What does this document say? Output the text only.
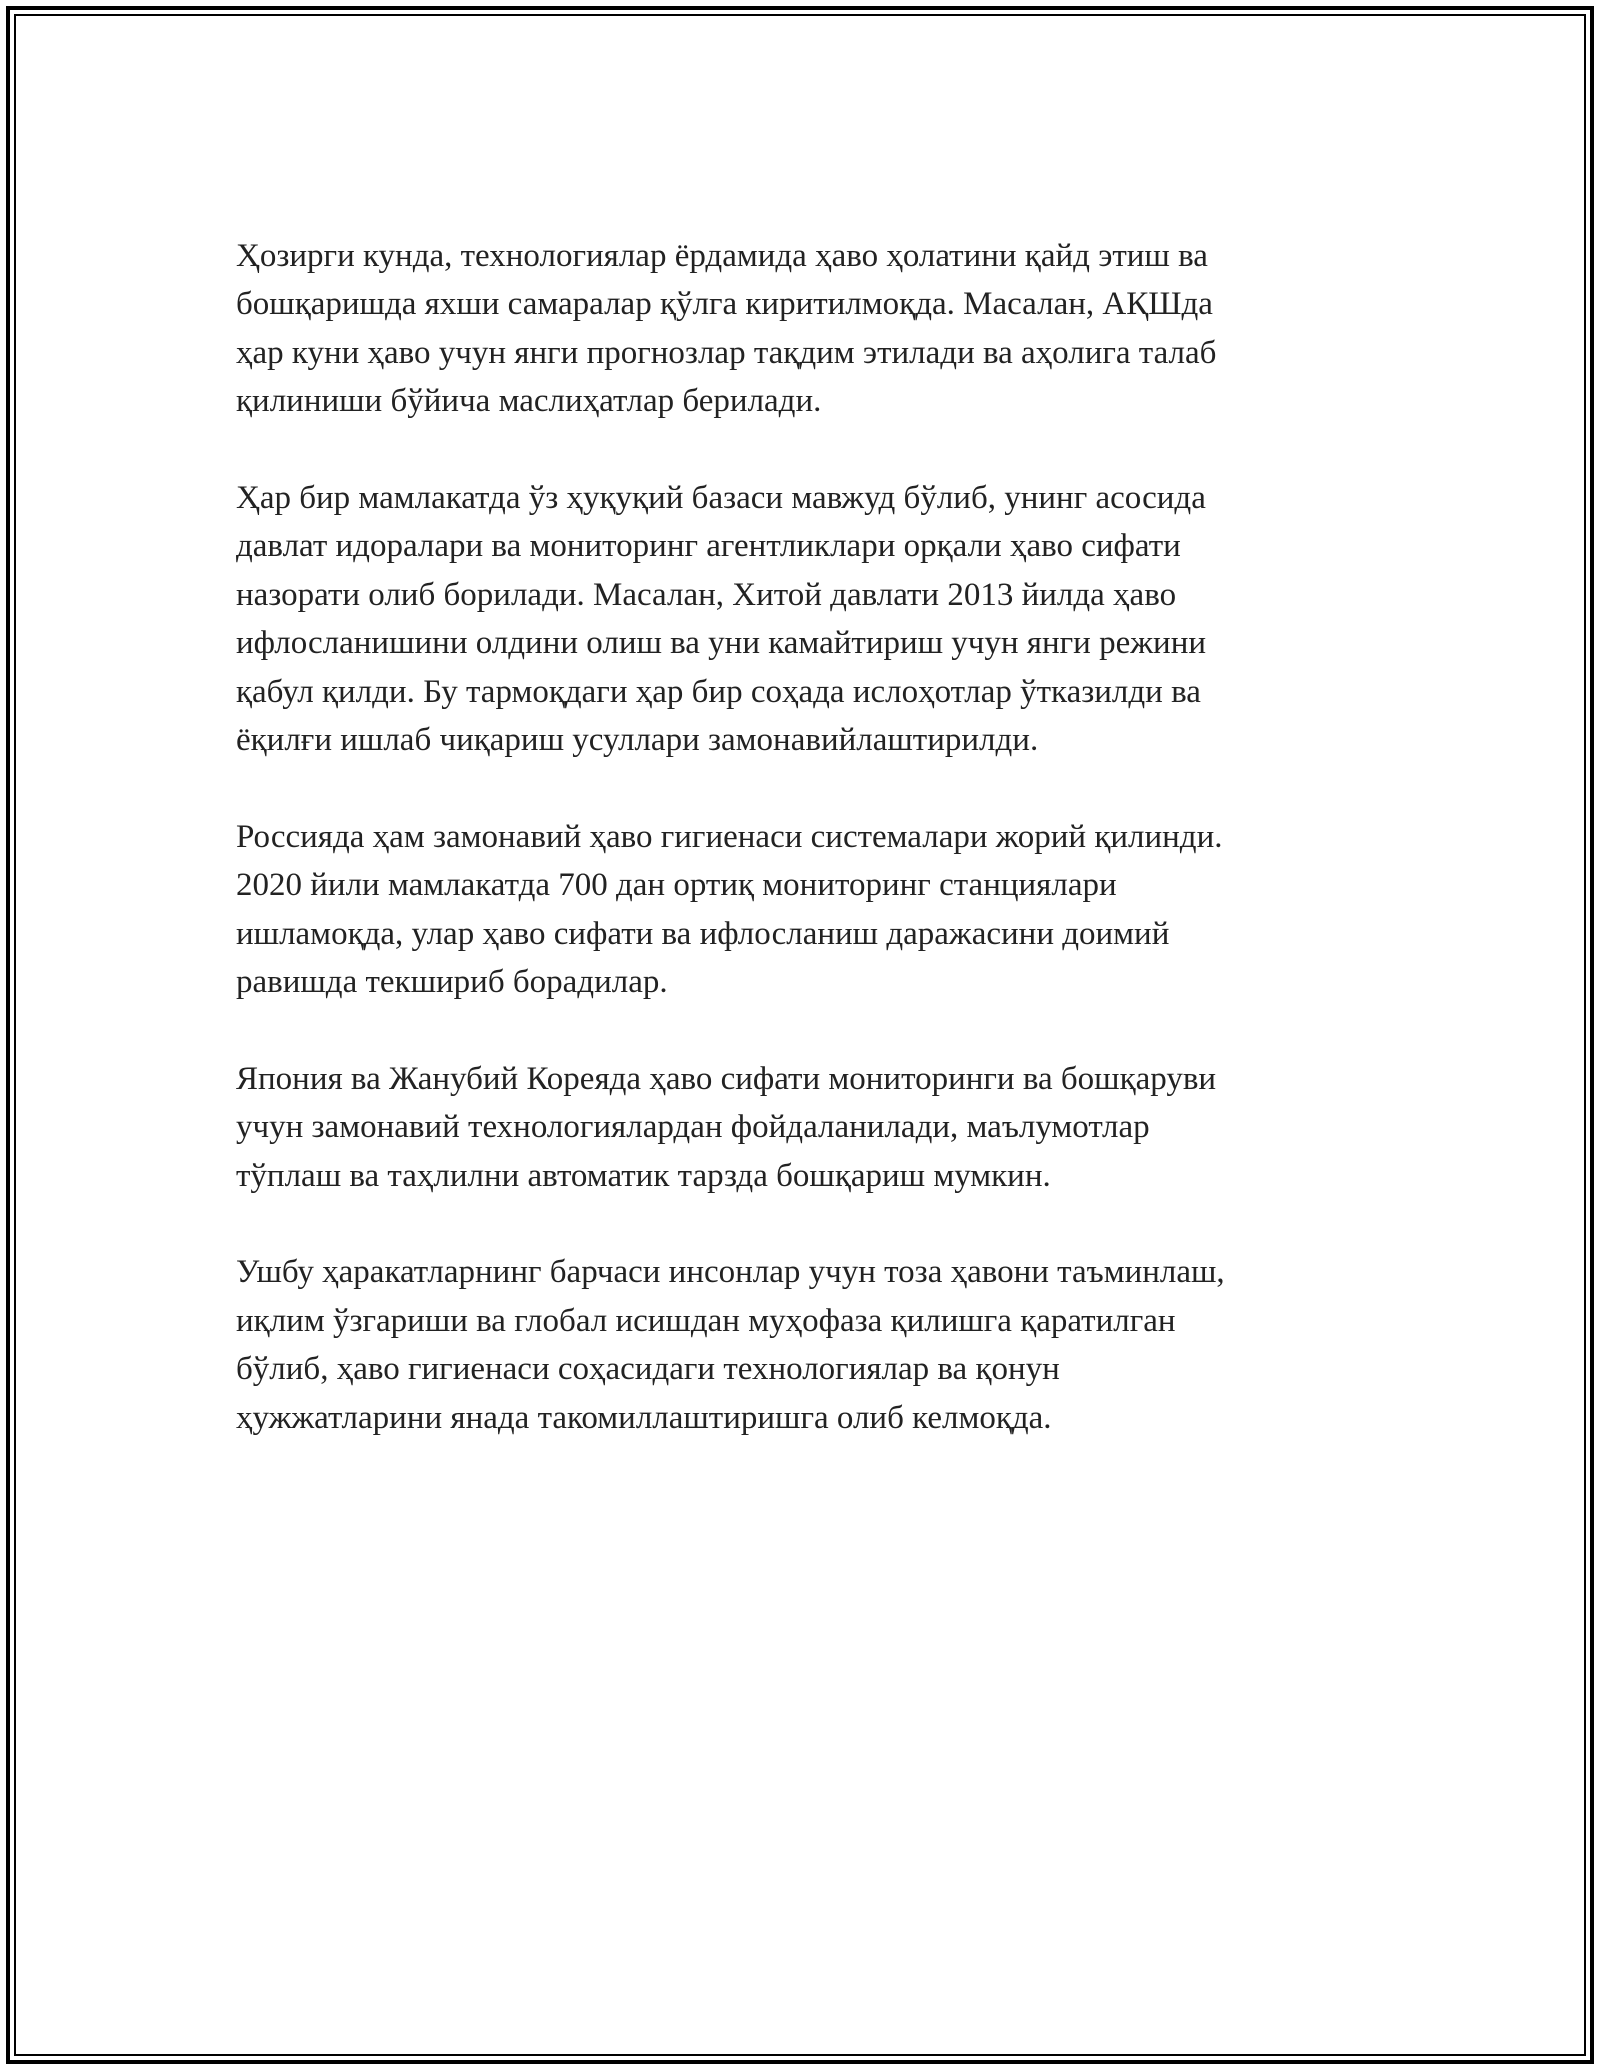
Ҳозирги кунда, технологиялар ёрдамида ҳаво ҳолатини қайд этиш ва
бошқаришда яхши самаралар қўлга киритилмоқда. Масалан, АҚШда
ҳар куни ҳаво учун янги прогнозлар тақдим этилади ва аҳолига талаб
қилиниши бўйича маслиҳатлар берилади.

Ҳар бир мамлакатда ўз ҳуқуқий базаси мавжуд бўлиб, унинг асосида
давлат идоралари ва мониторинг агентликлари орқали ҳаво сифати
назорати олиб борилади. Масалан, Хитой давлати 2013 йилда ҳаво
ифлосланишини олдини олиш ва уни камайтириш учун янги режини
қабул қилди. Бу тармоқдаги ҳар бир соҳада ислоҳотлар ўтказилди ва
ёқилғи ишлаб чиқариш усуллари замонавийлаштирилди.

Россияда ҳам замонавий ҳаво гигиенаси системалари жорий қилинди.
2020 йили мамлакатда 700 дан ортиқ мониторинг станциялари
ишламоқда, улар ҳаво сифати ва ифлосланиш даражасини доимий
равишда текшириб борадилар.

Япония ва Жанубий Кореяда ҳаво сифати мониторинги ва бошқаруви
учун замонавий технологиялардан фойдаланилади, маълумотлар
тўплаш ва таҳлилни автоматик тарзда бошқариш мумкин.

Ушбу ҳаракатларнинг барчаси инсонлар учун тоза ҳавони таъминлаш,
иқлим ўзгариши ва глобал исишдан муҳофаза қилишга қаратилган
бўлиб, ҳаво гигиенаси соҳасидаги технологиялар ва қонун
ҳужжатларини янада такомиллаштиришга олиб келмоқда.
